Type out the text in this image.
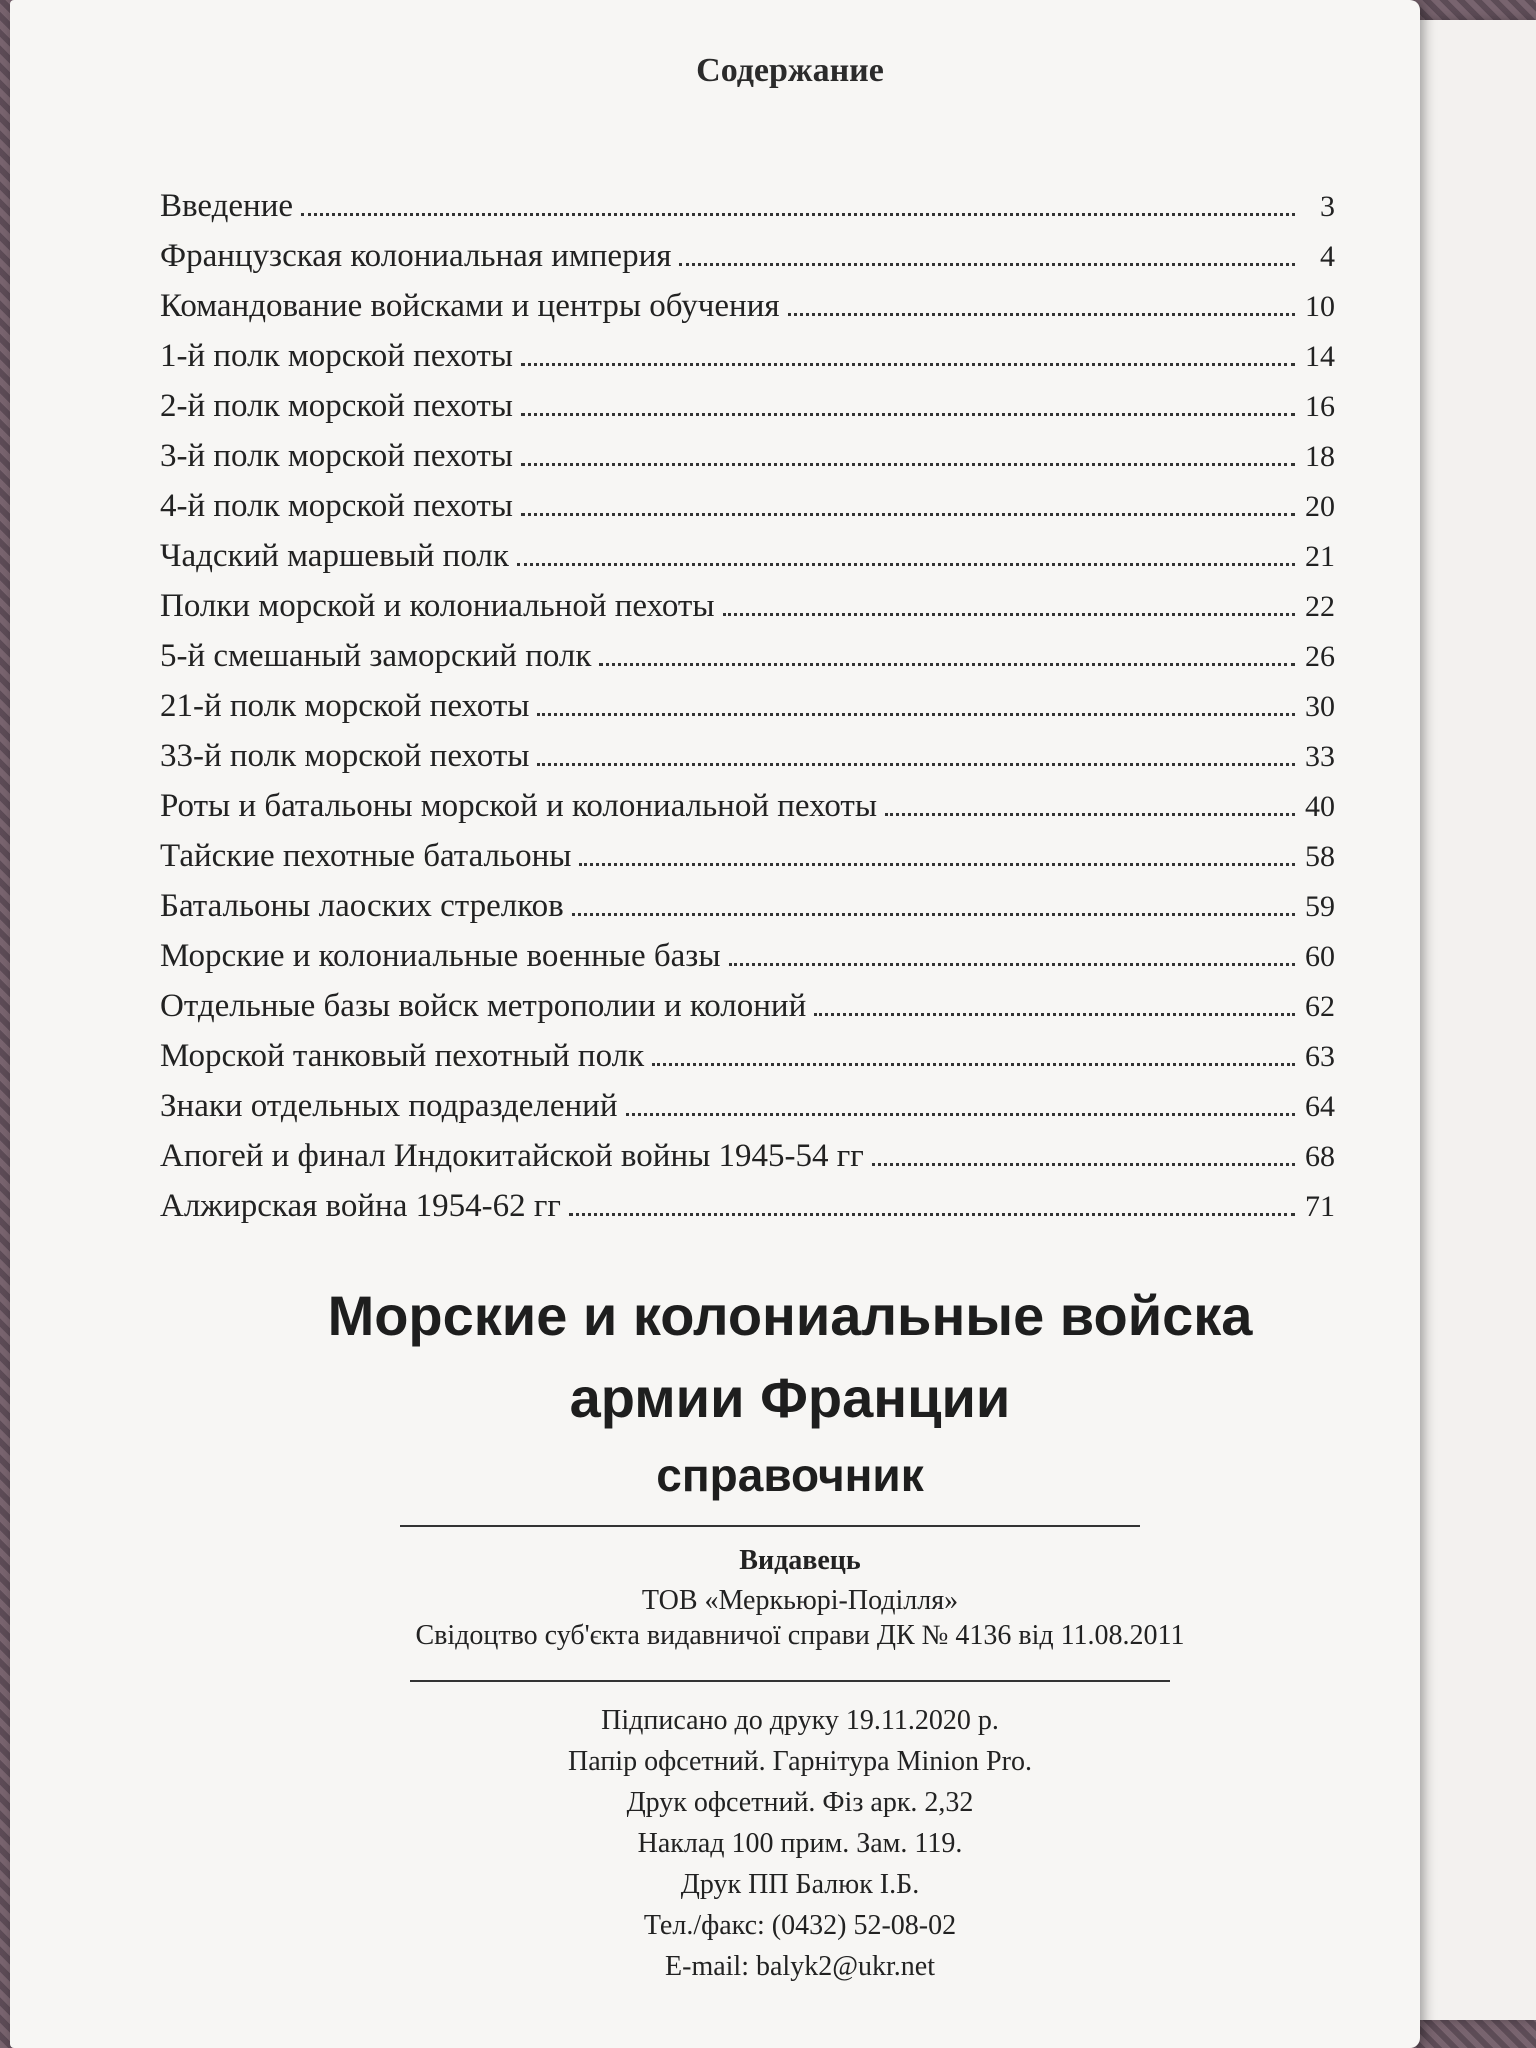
Содержание
Введение	3
Французская колониальная империя	4
Командование войсками и центры обучения	10
1-й полк морской пехоты	14
2-й полк морской пехоты	16
3-й полк морской пехоты	18
4-й полк морской пехоты	20
Чадский маршевый полк	21
Полки морской и колониальной пехоты	22
5-й смешаный заморский полк	26
21-й полк морской пехоты	30
33-й полк морской пехоты	33
Роты и батальоны морской и колониальной пехоты	40
Тайские пехотные батальоны	58
Батальоны лаоских стрелков	59
Морские и колониальные военные базы	60
Отдельные базы войск метрополии и колоний	62
Морской танковый пехотный полк	63
Знаки отдельных подразделений	64
Апогей и финал Индокитайской войны 1945-54 гг	68
Алжирская война 1954-62 гг	71
Морские и колониальные войска
армии Франции
справочник
Видавець
ТОВ «Меркьюрі-Поділля»
Свідоцтво суб'єкта видавничої справи ДК № 4136 від 11.08.2011
Підписано до друку 19.11.2020 р.
Папір офсетний. Гарнітура Minion Pro.
Друк офсетний. Фіз арк. 2,32
Наклад 100 прим. Зам. 119.
Друк ПП Балюк І.Б.
Тел./факс: (0432) 52-08-02
E-mail: balyk2@ukr.net
